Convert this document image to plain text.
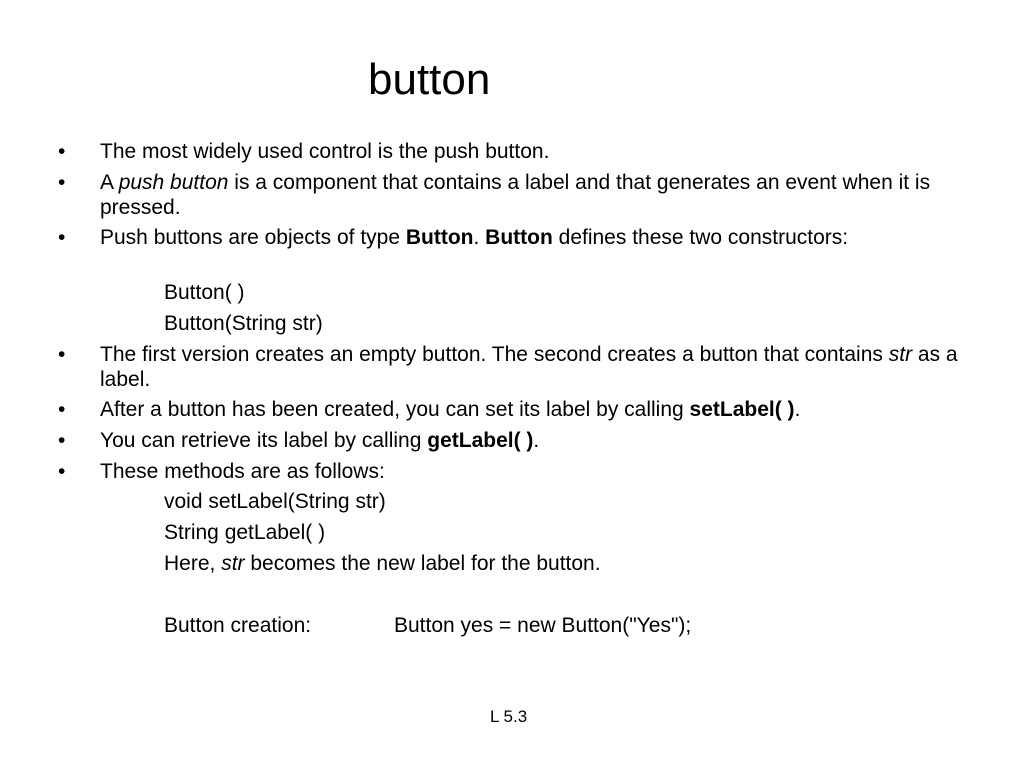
button
• The most widely used control is the push button.
• A push button is a component that contains a label and that generates an event when it is pressed.
• Push buttons are objects of type Button. Button defines these two constructors:
Button( )
Button(String str)
• The first version creates an empty button. The second creates a button that contains str as a label.
• After a button has been created, you can set its label by calling setLabel( ).
• You can retrieve its label by calling getLabel( ).
• These methods are as follows:
void setLabel(String str)
String getLabel( )
Here, str becomes the new label for the button.
Button creation:	Button yes = new Button("Yes");
L 5.3
